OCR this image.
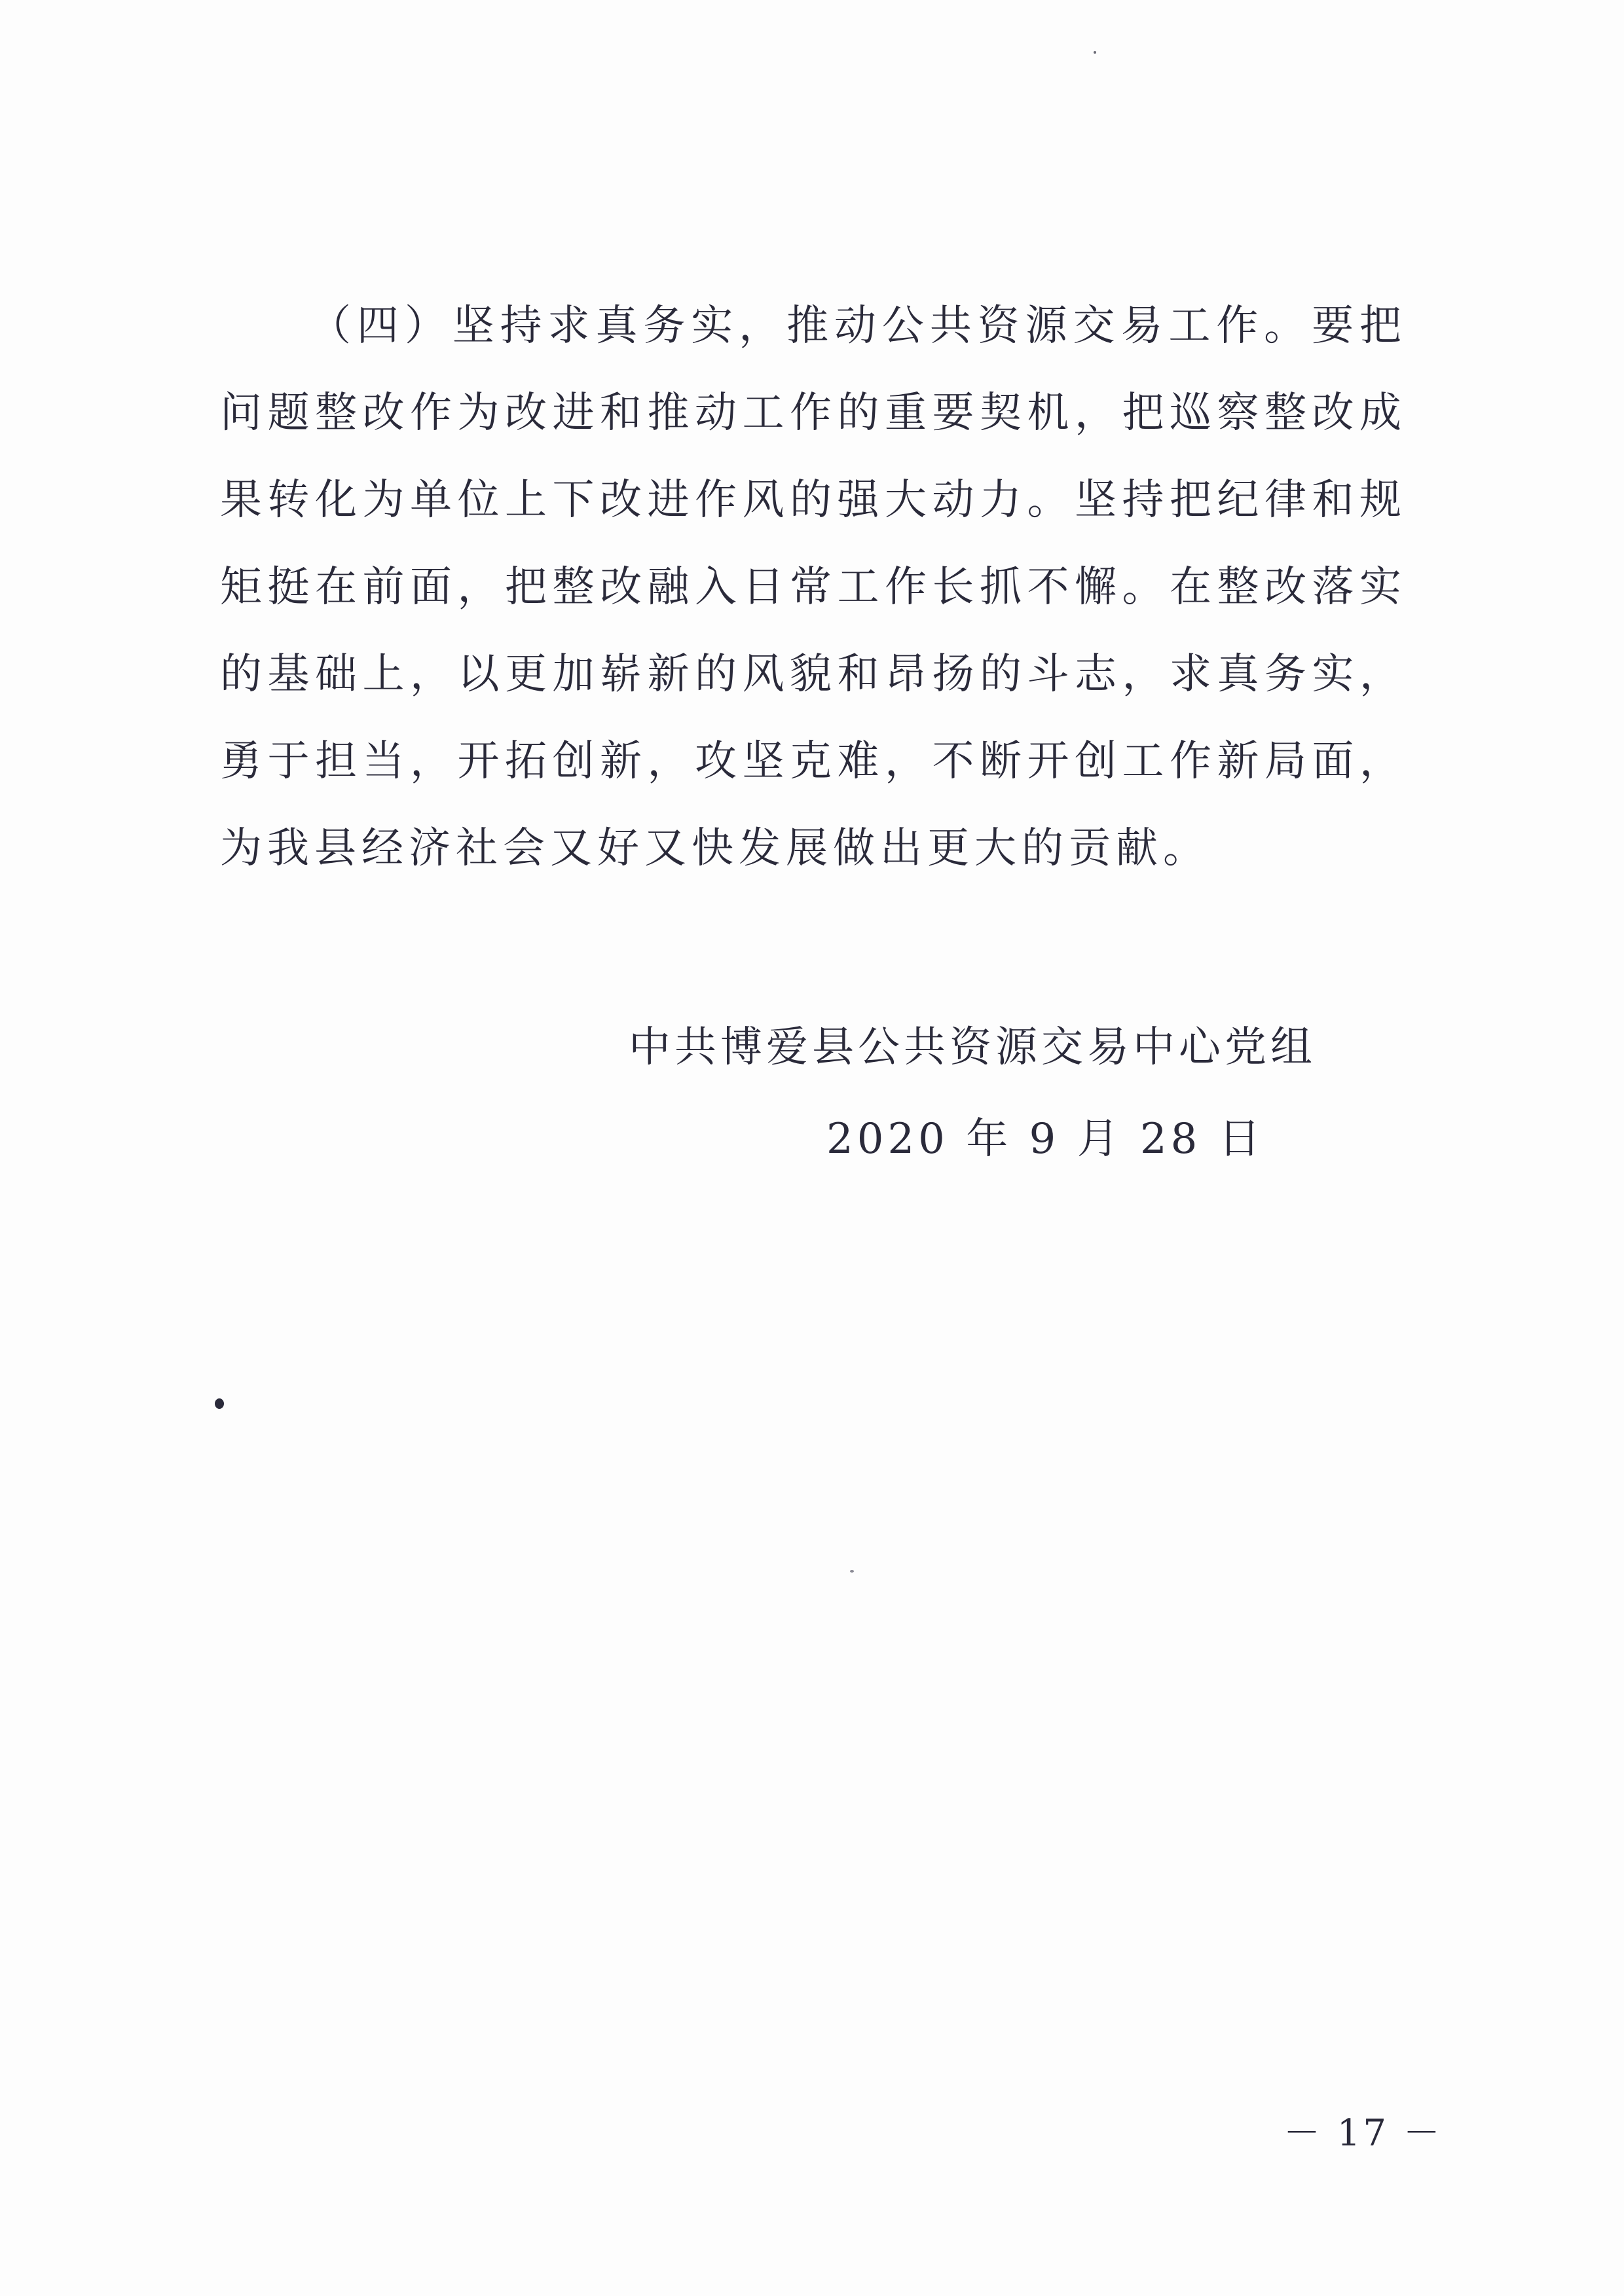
（四）坚持求真务实，推动公共资源交易工作。要把问题整改作为改进和推动工作的重要契机，把巡察整改成果转化为单位上下改进作风的强大动力。坚持把纪律和规矩挺在前面，把整改融入日常工作长抓不懈。在整改落实的基础上，以更加崭新的风貌和昂扬的斗志，求真务实，勇于担当，开拓创新，攻坚克难，不断开创工作新局面，为我县经济社会又好又快发展做出更大的贡献。

中共博爱县公共资源交易中心党组
2020 年 9 月 28 日
－ 17 －
